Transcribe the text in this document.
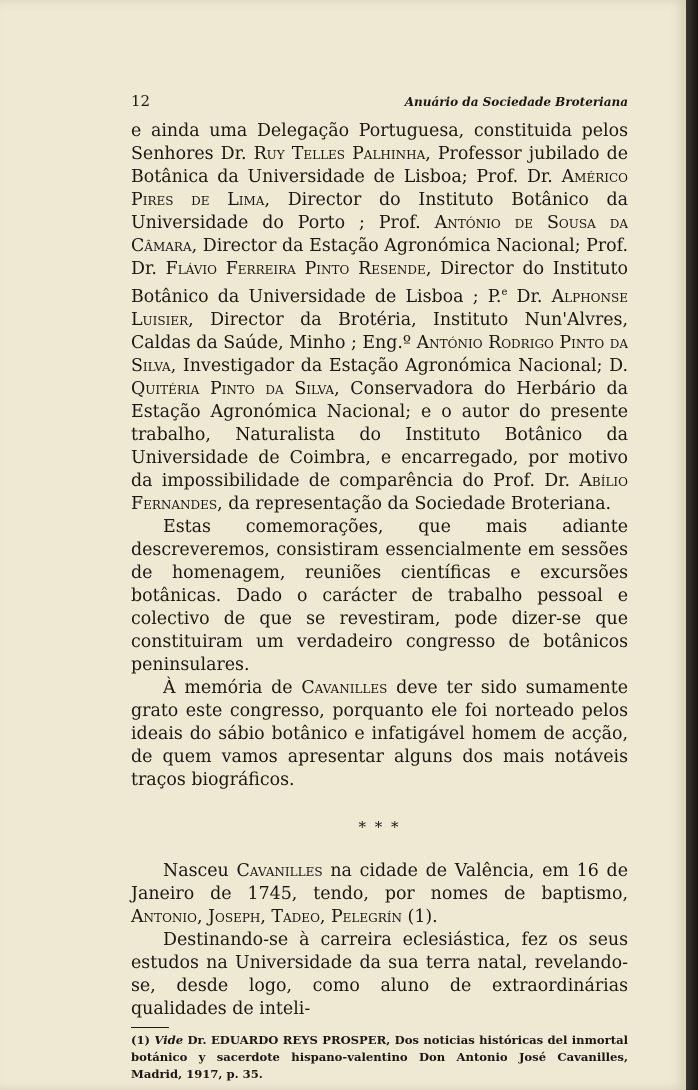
12	Anuário da Sociedade Broteriana

e ainda uma Delegação Portuguesa, constituida pelos Senhores Dr. Ruy Telles Palhinha, Professor jubilado de Botânica da Universidade de Lisboa; Prof. Dr. Américo Pires de Lima, Director do Instituto Botânico da Universidade do Porto ; Prof. António de Sousa da Câmara, Director da Estação Agronómica Nacional; Prof. Dr. Flávio Ferreira Pinto Resende, Director do Instituto Botânico da Universidade de Lisboa ; P.$^e$ Dr. Alphonse Luisier, Director da Brotéria, Instituto Nun'Alvres, Caldas da Saúde, Minho ; Eng.º António Rodrigo Pinto da Silva, Investigador da Estação Agronómica Nacional; D. Quitéria Pinto da Silva, Conservadora do Herbário da Estação Agronómica Nacional; e o autor do presente trabalho, Naturalista do Instituto Botânico da Universidade de Coimbra, e encarregado, por motivo da impossibilidade de comparência do Prof. Dr. Abílio Fernandes, da representação da Sociedade Broteriana.

Estas comemorações, que mais adiante descreveremos, consistiram essencialmente em sessões de homenagem, reuniões científicas e excursões botânicas. Dado o carácter de trabalho pessoal e colectivo de que se revestiram, pode dizer-se que constituiram um verdadeiro congresso de botânicos peninsulares.

À memória de Cavanilles deve ter sido sumamente grato este congresso, porquanto ele foi norteado pelos ideais do sábio botânico e infatigável homem de acção, de quem vamos apresentar alguns dos mais notáveis traços biográficos.

* * *

Nasceu Cavanilles na cidade de Valência, em 16 de Janeiro de 1745, tendo, por nomes de baptismo, Antonio, Joseph, Tadeo, Pelegrín (1).

Destinando-se à carreira eclesiástica, fez os seus estudos na Universidade da sua terra natal, revelando-se, desde logo, como aluno de extraordinárias qualidades de inteli-

(1) Vide Dr. EDUARDO REYS PROSPER, Dos noticias históricas del inmortal botánico y sacerdote hispano-valentino Don Antonio José Cavanilles, Madrid, 1917, p. 35.
